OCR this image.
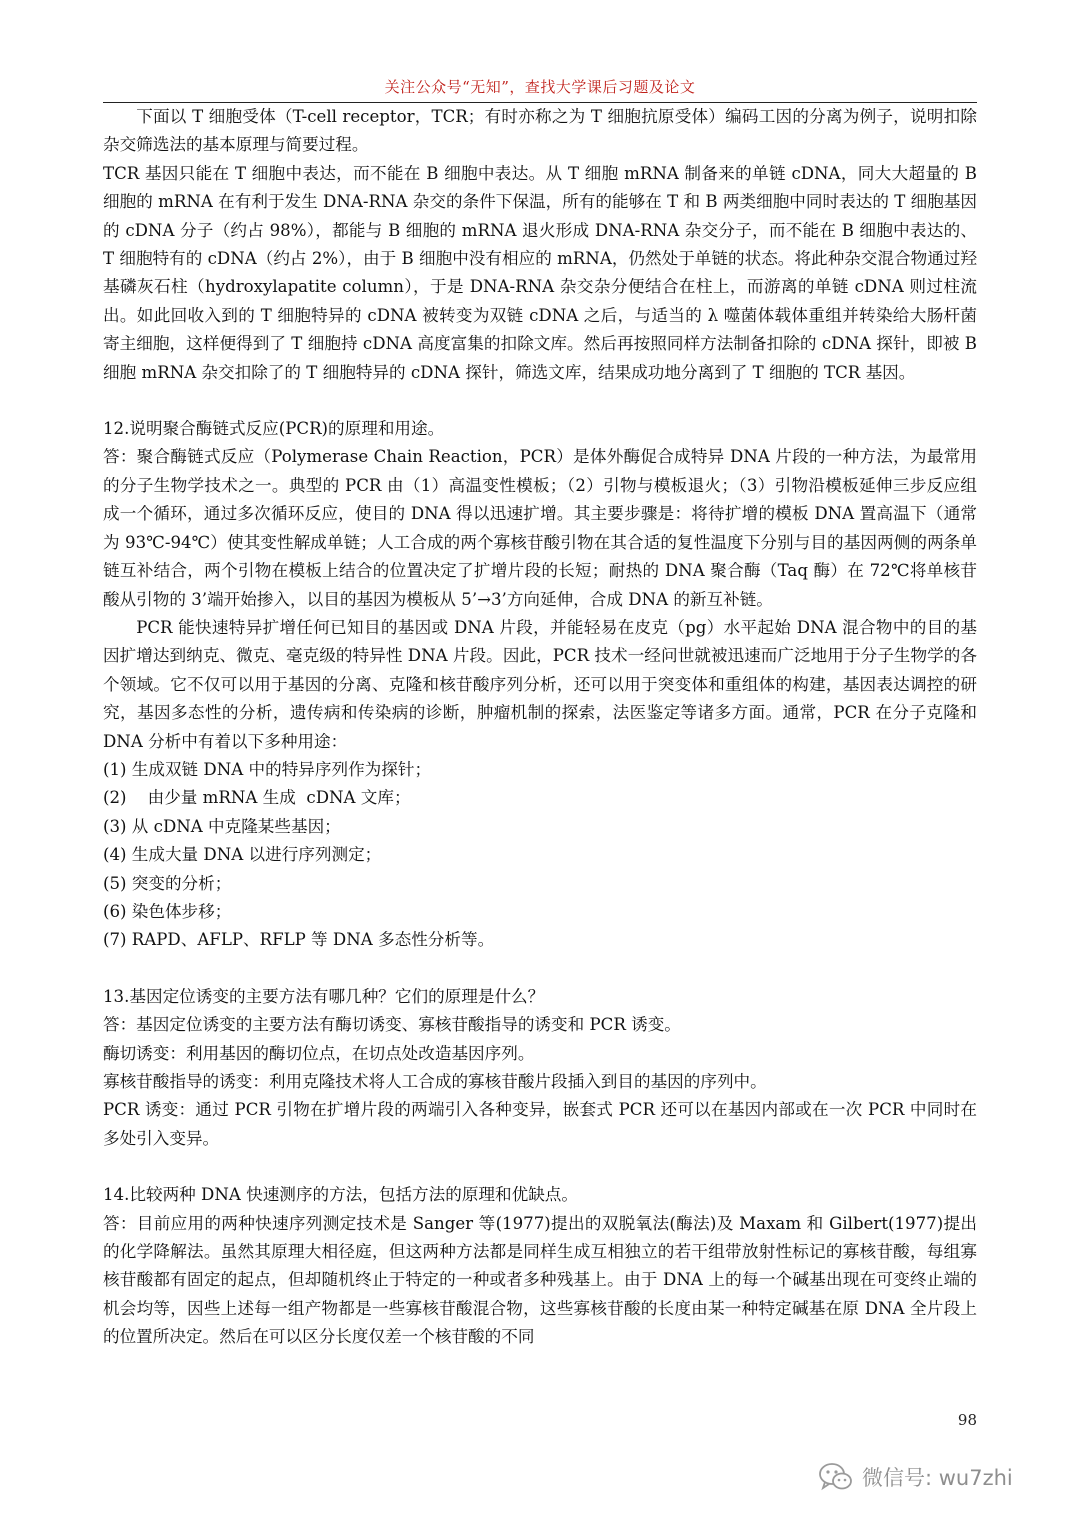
关注公众号“无知”，查找大学课后习题及论文

下面以 T 细胞受体（T-cell receptor，TCR；有时亦称之为 T 细胞抗原受体）编码工因的分离为例子，说明扣除杂交筛选法的基本原理与简要过程。

TCR 基因只能在 T 细胞中表达，而不能在 B 细胞中表达。从 T 细胞 mRNA 制备来的单链 cDNA，同大大超量的 B 细胞的 mRNA 在有利于发生 DNA-RNA 杂交的条件下保温，所有的能够在 T 和 B 两类细胞中同时表达的 T 细胞基因的 cDNA 分子（约占 98%），都能与 B 细胞的 mRNA 退火形成 DNA-RNA 杂交分子，而不能在 B 细胞中表达的、T 细胞特有的 cDNA（约占 2%），由于 B 细胞中没有相应的 mRNA，仍然处于单链的状态。将此种杂交混合物通过羟基磷灰石柱（hydroxylapatite column），于是 DNA-RNA 杂交杂分便结合在柱上，而游离的单链 cDNA 则过柱流出。如此回收入到的 T 细胞特异的 cDNA 被转变为双链 cDNA 之后，与适当的 λ 噬菌体载体重组并转染给大肠杆菌寄主细胞，这样便得到了 T 细胞持 cDNA 高度富集的扣除文库。然后再按照同样方法制备扣除的 cDNA 探针，即被 B 细胞 mRNA 杂交扣除了的 T 细胞特异的 cDNA 探针，筛选文库，结果成功地分离到了 T 细胞的 TCR 基因。

12.说明聚合酶链式反应(PCR)的原理和用途。

答：聚合酶链式反应（Polymerase Chain Reaction，PCR）是体外酶促合成特异 DNA 片段的一种方法，为最常用的分子生物学技术之一。典型的 PCR 由（1）高温变性模板；（2）引物与模板退火；（3）引物沿模板延伸三步反应组成一个循环，通过多次循环反应，使目的 DNA 得以迅速扩增。其主要步骤是：将待扩增的模板 DNA 置高温下（通常为 93℃-94℃）使其变性解成单链；人工合成的两个寡核苷酸引物在其合适的复性温度下分别与目的基因两侧的两条单链互补结合，两个引物在模板上结合的位置决定了扩增片段的长短；耐热的 DNA 聚合酶（Taq 酶）在 72℃将单核苷酸从引物的 3’端开始掺入，以目的基因为模板从 5’→3’方向延伸，合成 DNA 的新互补链。

PCR 能快速特异扩增任何已知目的基因或 DNA 片段，并能轻易在皮克（pg）水平起始 DNA 混合物中的目的基因扩增达到纳克、微克、毫克级的特异性 DNA 片段。因此，PCR 技术一经问世就被迅速而广泛地用于分子生物学的各个领域。它不仅可以用于基因的分离、克隆和核苷酸序列分析，还可以用于突变体和重组体的构建，基因表达调控的研究，基因多态性的分析，遗传病和传染病的诊断，肿瘤机制的探索，法医鉴定等诸多方面。通常，PCR 在分子克隆和 DNA 分析中有着以下多种用途：

(1) 生成双链 DNA 中的特异序列作为探针；

(2)    由少量 mRNA 生成  cDNA 文库；

(3) 从 cDNA 中克隆某些基因；

(4) 生成大量 DNA 以进行序列测定；

(5) 突变的分析；

(6) 染色体步移；

(7) RAPD、AFLP、RFLP 等 DNA 多态性分析等。

13.基因定位诱变的主要方法有哪几种？它们的原理是什么？

答：基因定位诱变的主要方法有酶切诱变、寡核苷酸指导的诱变和 PCR 诱变。

酶切诱变：利用基因的酶切位点，在切点处改造基因序列。

寡核苷酸指导的诱变：利用克隆技术将人工合成的寡核苷酸片段插入到目的基因的序列中。

PCR 诱变：通过 PCR 引物在扩增片段的两端引入各种变异，嵌套式 PCR 还可以在基因内部或在一次 PCR 中同时在多处引入变异。

14.比较两种 DNA 快速测序的方法，包括方法的原理和优缺点。

答：目前应用的两种快速序列测定技术是 Sanger 等(1977)提出的双脱氧法(酶法)及 Maxam 和 Gilbert(1977)提出的化学降解法。虽然其原理大相径庭，但这两种方法都是同样生成互相独立的若干组带放射性标记的寡核苷酸，每组寡核苷酸都有固定的起点，但却随机终止于特定的一种或者多种残基上。由于 DNA 上的每一个碱基出现在可变终止端的机会均等，因些上述每一组产物都是一些寡核苷酸混合物，这些寡核苷酸的长度由某一种特定碱基在原 DNA 全片段上的位置所决定。然后在可以区分长度仅差一个核苷酸的不同

98
微信号: wu7zhi
